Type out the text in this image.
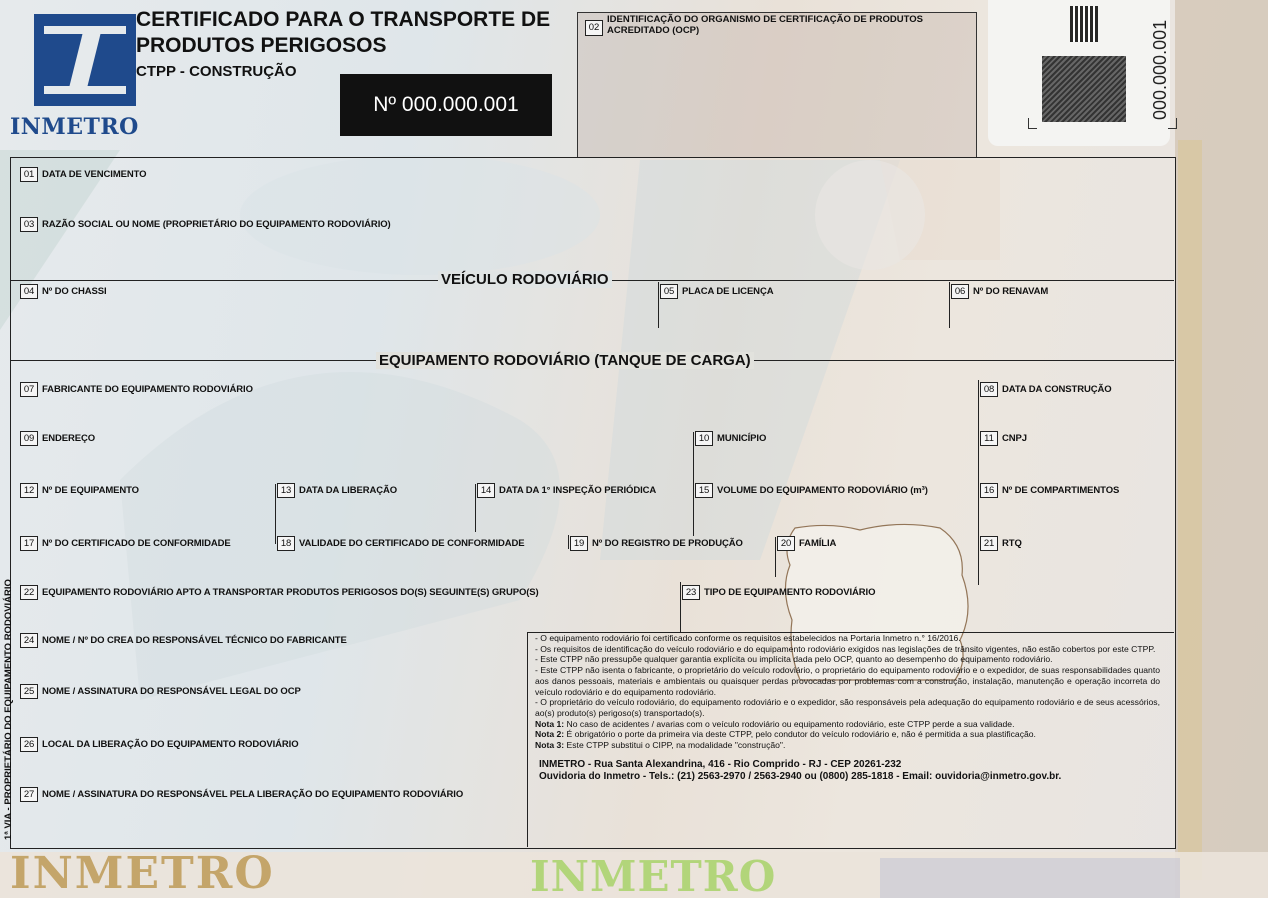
INMETRO
CERTIFICADO PARA O TRANSPORTE DE
PRODUTOS PERIGOSOS
CTPP - CONSTRUÇÃO
Nº 000.000.001
02
IDENTIFICAÇÃO DO ORGANISMO DE CERTIFICAÇÃO DE PRODUTOS
ACREDITADO (OCP)	000.000.001
1ª VIA - PROPRIETÁRIO DO EQUIPAMENTO RODOVIÁRIO
VEÍCULO RODOVIÁRIO
EQUIPAMENTO RODOVIÁRIO (TANQUE DE CARGA)
01 DATA DE VENCIMENTO
03 RAZÃO SOCIAL OU NOME (PROPRIETÁRIO DO EQUIPAMENTO RODOVIÁRIO)
04 Nº DO CHASSI	05 PLACA DE LICENÇA	06 Nº DO RENAVAM
07 FABRICANTE DO EQUIPAMENTO RODOVIÁRIO	08 DATA DA CONSTRUÇÃO
09 ENDEREÇO	10 MUNICÍPIO	11 CNPJ
12 Nº DE EQUIPAMENTO	13 DATA DA LIBERAÇÃO	14 DATA DA 1° INSPEÇÃO PERIÓDICA	15 VOLUME DO EQUIPAMENTO RODOVIÁRIO (m³)	16 Nº DE COMPARTIMENTOS
17 Nº DO CERTIFICADO DE CONFORMIDADE	18 VALIDADE DO CERTIFICADO DE CONFORMIDADE	19 Nº DO REGISTRO DE PRODUÇÃO	20 FAMÍLIA	21 RTQ
22 EQUIPAMENTO RODOVIÁRIO APTO A TRANSPORTAR PRODUTOS PERIGOSOS DO(S) SEGUINTE(S) GRUPO(S)	23 TIPO DE EQUIPAMENTO RODOVIÁRIO
24 NOME / Nº DO CREA DO RESPONSÁVEL TÉCNICO DO FABRICANTE
25 NOME / ASSINATURA DO RESPONSÁVEL LEGAL DO OCP
26 LOCAL DA LIBERAÇÃO DO EQUIPAMENTO RODOVIÁRIO
27 NOME / ASSINATURA DO RESPONSÁVEL PELA LIBERAÇÃO DO EQUIPAMENTO RODOVIÁRIO

- O equipamento rodoviário foi certificado conforme os requisitos estabelecidos na Portaria Inmetro n.° 16/2016.

- Os requisitos de identificação do veículo rodoviário e do equipamento rodoviário exigidos nas legislações de trânsito vigentes, não estão cobertos por este CTPP.

- Este CTPP não pressupõe qualquer garantia explícita ou implícita dada pelo OCP, quanto ao desempenho do equipamento rodoviário.

- Este CTPP não isenta o fabricante, o proprietário do veículo rodoviário, o proprietário do equipamento rodoviário e o expedidor, de suas responsabilidades quanto aos danos pessoais, materiais e ambientais ou quaisquer perdas provocadas por problemas com a construção, instalação, manutenção e operação incorreta do veículo rodoviário e do equipamento rodoviário.

- O proprietário do veículo rodoviário, do equipamento rodoviário e o expedidor, são responsáveis pela adequação do equipamento rodoviário e de seus acessórios, ao(s) produto(s) perigoso(s) transportado(s).

Nota 1: No caso de acidentes / avarias com o veículo rodoviário ou equipamento rodoviário, este CTPP perde a sua validade.

Nota 2: É obrigatório o porte da primeira via deste CTPP, pelo condutor do veículo rodoviário e, não é permitida a sua plastificação.

Nota 3: Este CTPP substitui o CIPP, na modalidade "construção".

INMETRO - Rua Santa Alexandrina, 416 - Rio Comprido - RJ - CEP 20261-232

Ouvidoria do Inmetro - Tels.: (21) 2563-2970 / 2563-2940 ou (0800) 285-1818 - Email: ouvidoria@inmetro.gov.br.

INMETRO	INMETRO
